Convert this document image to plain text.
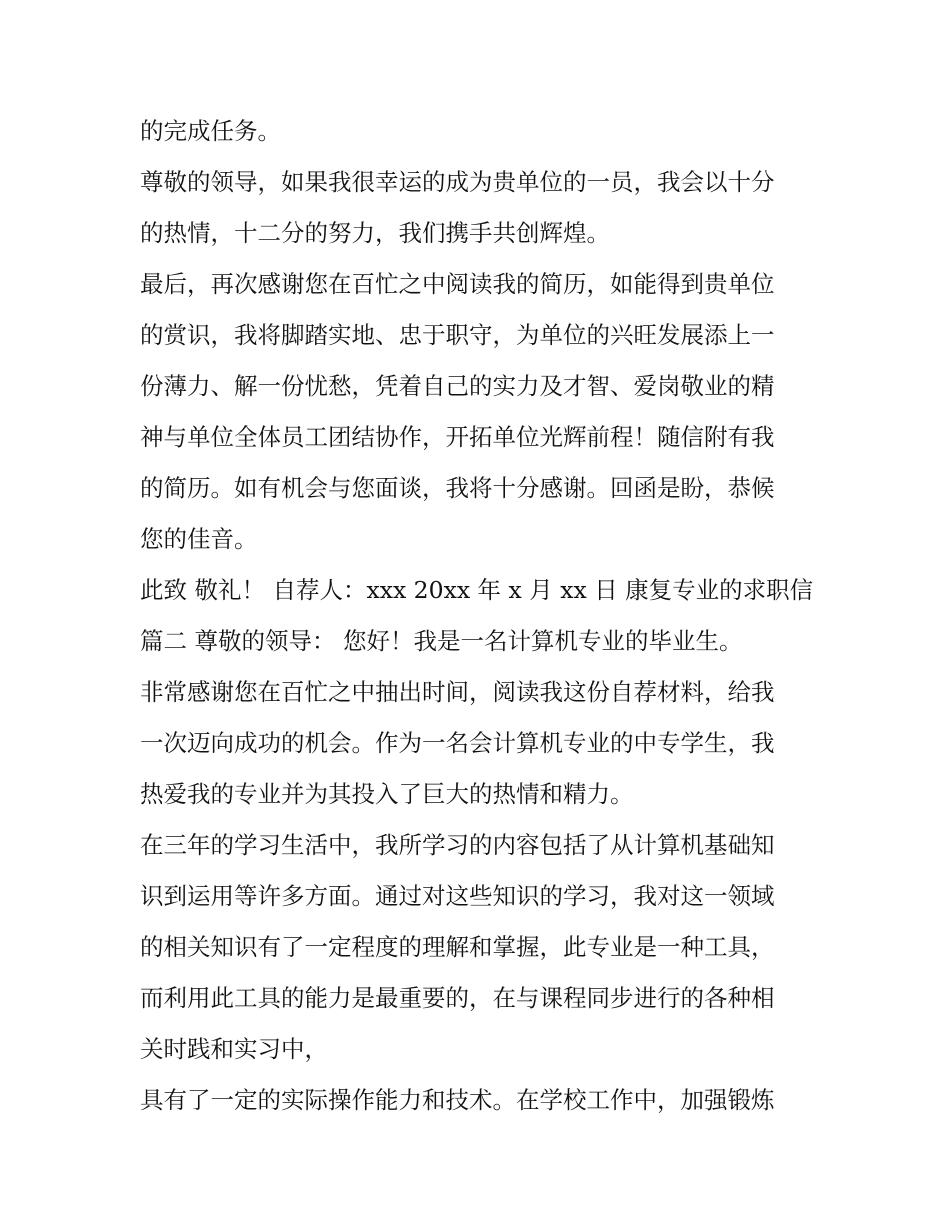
的完成任务。
尊敬的领导，如果我很幸运的成为贵单位的一员，我会以十分
的热情，十二分的努力，我们携手共创辉煌。
最后，再次感谢您在百忙之中阅读我的简历，如能得到贵单位
的赏识，我将脚踏实地、忠于职守，为单位的兴旺发展添上一
份薄力、解一份忧愁，凭着自己的实力及才智、爱岗敬业的精
神与单位全体员工团结协作，开拓单位光辉前程！随信附有我
的简历。如有机会与您面谈，我将十分感谢。回函是盼，恭候
您的佳音。
此致 敬礼！ 自荐人：xxx 20xx 年 x 月 xx 日 康复专业的求职信
篇二 尊敬的领导： 您好！我是一名计算机专业的毕业生。
非常感谢您在百忙之中抽出时间，阅读我这份自荐材料，给我
一次迈向成功的机会。作为一名会计算机专业的中专学生，我
热爱我的专业并为其投入了巨大的热情和精力。
在三年的学习生活中，我所学习的内容包括了从计算机基础知
识到运用等许多方面。通过对这些知识的学习，我对这一领域
的相关知识有了一定程度的理解和掌握，此专业是一种工具，
而利用此工具的能力是最重要的，在与课程同步进行的各种相
关时践和实习中，
具有了一定的实际操作能力和技术。在学校工作中，加强锻炼
